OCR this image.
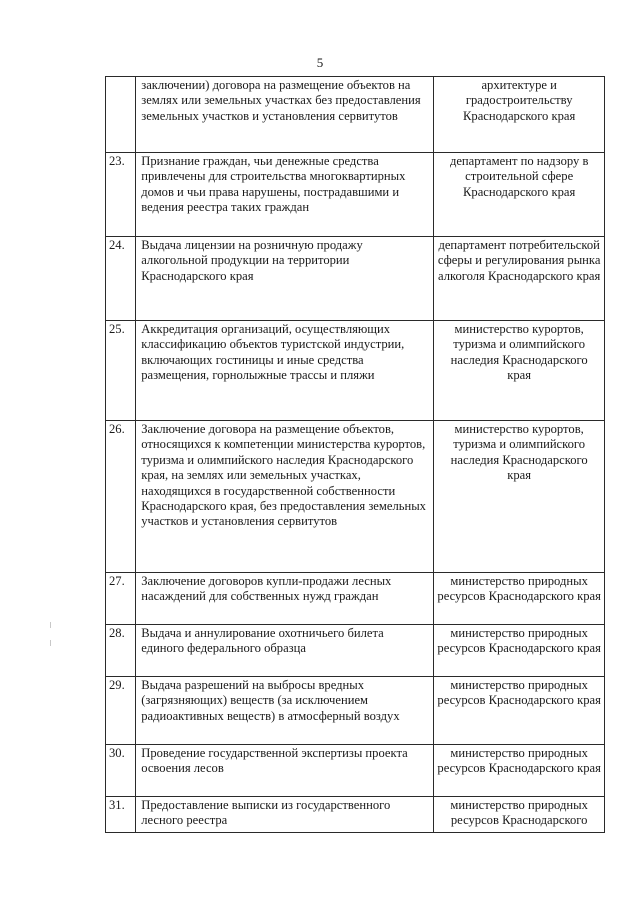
5
	заключении) договора на размещение объектов на землях или земельных участках без предоставления земельных участков и установления сервитутов	архитектуре и градостроительству Краснодарского края
23.	Признание граждан, чьи денежные средства привлечены для строительства многоквартирных домов и чьи права нарушены, пострадавшими и ведения реестра таких граждан	департамент по надзору в строительной сфере Краснодарского края
24.	Выдача лицензии на розничную продажу алкогольной продукции на территории Краснодарского края	департамент потребительской сферы и регулирования рынка алкоголя Краснодарского края
25.	Аккредитация организаций, осуществляющих классификацию объектов туристской индустрии, включающих гостиницы и иные средства размещения, горнолыжные трассы и пляжи	министерство курортов, туризма и олимпийского наследия Краснодарского края
26.	Заключение договора на размещение объектов, относящихся к компетенции министерства курортов, туризма и олимпийского наследия Краснодарского края, на землях или земельных участках, находящихся в государственной собственности Краснодарского края, без предоставления земельных участков и установления сервитутов	министерство курортов, туризма и олимпийского наследия Краснодарского края
27.	Заключение договоров купли-продажи лесных насаждений для собственных нужд граждан	министерство природных ресурсов Краснодарского края
28.	Выдача и аннулирование охотничьего билета единого федерального образца	министерство природных ресурсов Краснодарского края
29.	Выдача разрешений на выбросы вредных (загрязняющих) веществ (за исключением радиоактивных веществ) в атмосферный воздух	министерство природных ресурсов Краснодарского края
30.	Проведение государственной экспертизы проекта освоения лесов	министерство природных ресурсов Краснодарского края
31.	Предоставление выписки из государственного лесного реестра	министерство природных ресурсов Краснодарского
